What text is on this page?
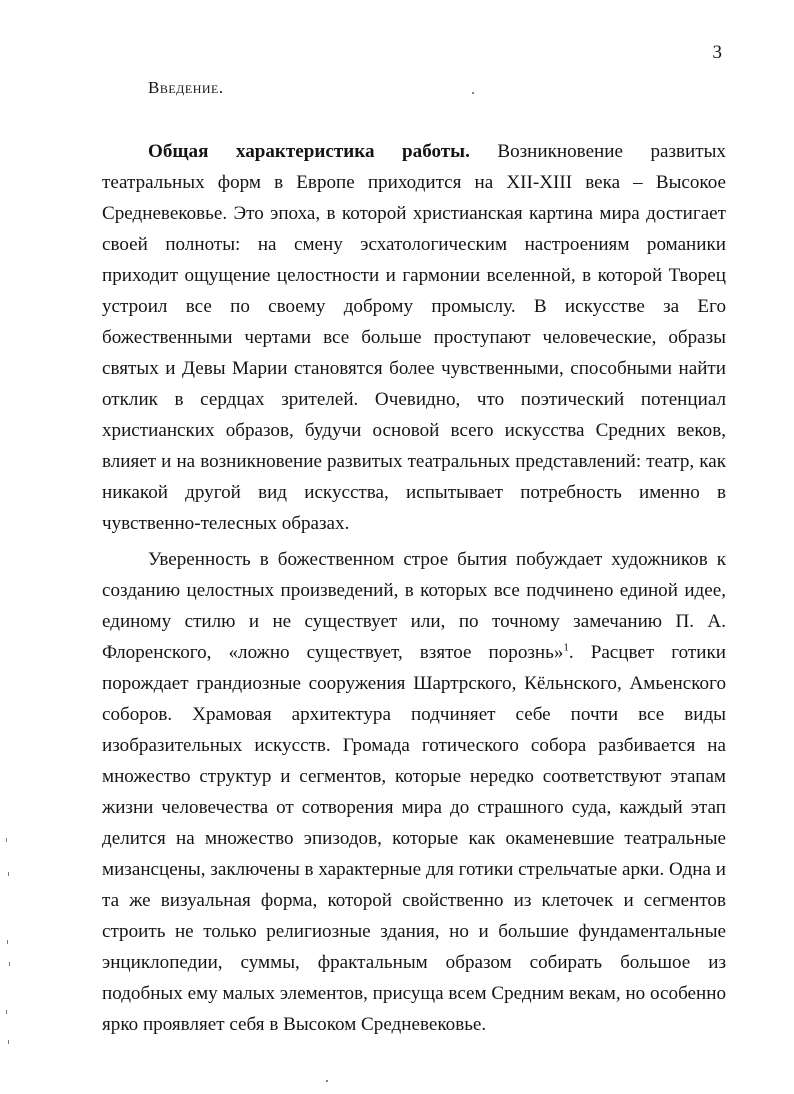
3
Введение.

Общая характеристика работы. Возникновение развитых театральных форм в Европе приходится на XII-XIII века – Высокое Средневековье. Это эпоха, в которой христианская картина мира достигает своей полноты: на смену эсхатологическим настроениям романики приходит ощущение целостности и гармонии вселенной, в которой Творец устроил все по своему доброму промыслу. В искусстве за Его божественными чертами все больше проступают человеческие, образы святых и Девы Марии становятся более чувственными, способными найти отклик в сердцах зрителей. Очевидно, что поэтический потенциал христианских образов, будучи основой всего искусства Средних веков, влияет и на возникновение развитых театральных представлений: театр, как никакой другой вид искусства, испытывает потребность именно в чувственно-телесных образах.

Уверенность в божественном строе бытия побуждает художников к созданию целостных произведений, в которых все подчинено единой идее, единому стилю и не существует или, по точному замечанию П. А. Флоренского, «ложно существует, взятое порознь»$^1$. Расцвет готики порождает грандиозные сооружения Шартрского, Кёльнского, Амьенского соборов. Храмовая архитектура подчиняет себе почти все виды изобразительных искусств. Громада готического собора разбивается на множество структур и сегментов, которые нередко соответствуют этапам жизни человечества от сотворения мира до страшного суда, каждый этап делится на множество эпизодов, которые как окаменевшие театральные мизансцены, заключены в характерные для готики стрельчатые арки. Одна и та же визуальная форма, которой свойственно из клеточек и сегментов строить не только религиозные здания, но и большие фундаментальные энциклопедии, суммы, фрактальным образом собирать большое из подобных ему малых элементов, присуща всем Средним векам, но особенно ярко проявляет себя в Высоком Средневековье.
